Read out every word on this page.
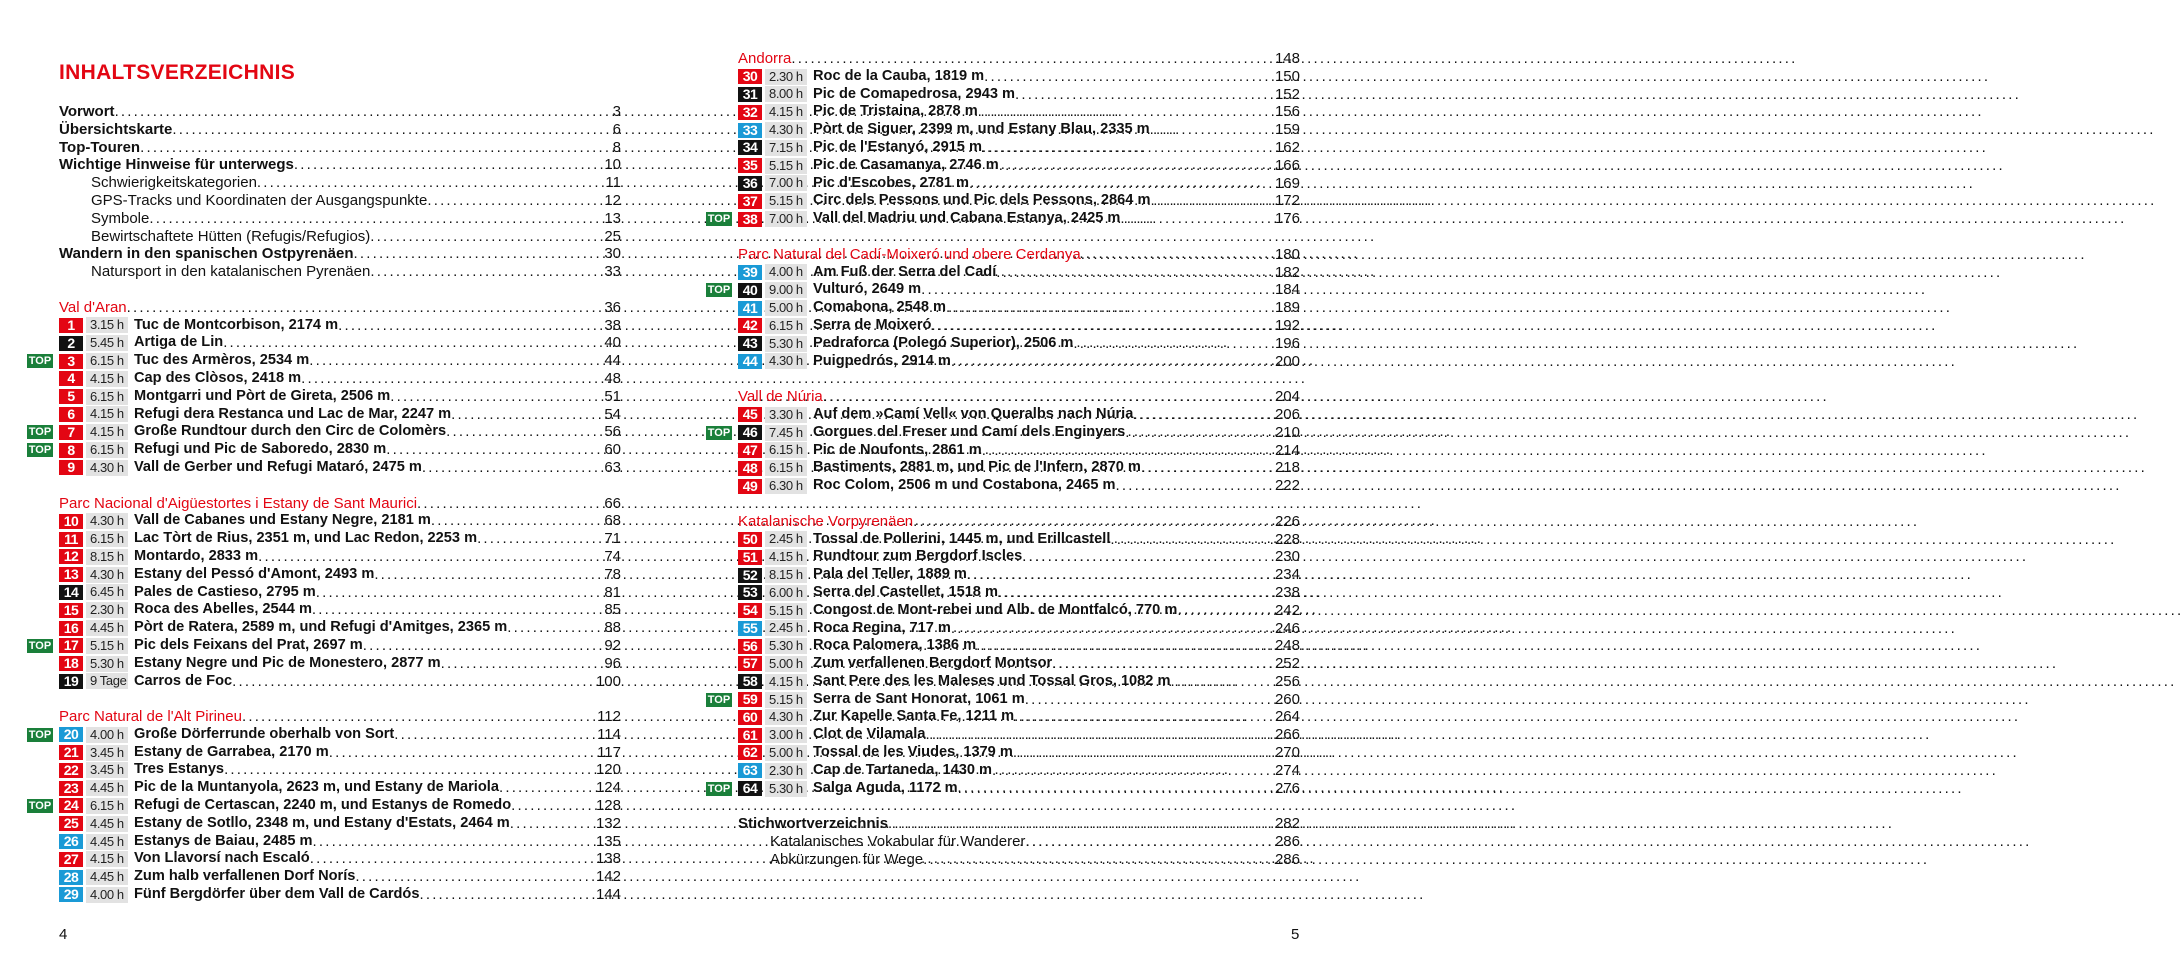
INHALTSVERZEICHNIS
Vorwort .....	3
Übersichtskarte .....	6
Top-Touren .....	8
Wichtige Hinweise für unterwegs .....	10
Schwierigkeitskategorien .....	11
GPS-Tracks und Koordinaten der Ausgangspunkte .....	12
Symbole .....	13
Bewirtschaftete Hütten (Refugis/Refugios) .....	25
Wandern in den spanischen Ostpyrenäen .....	30
Natursport in den katalanischen Pyrenäen .....	33
Val d'Aran .....	36
1	3.15 h Tuc de Montcorbison, 2174 m .....	38
2	5.45 h Artiga de Lin .....	40
TOP	3	6.15 h Tuc des Armèros, 2534 m .....	44
4	4.15 h Cap des Clòsos, 2418 m .....	48
5	6.15 h Montgarri und Pòrt de Gireta, 2506 m .....	51
6	4.15 h Refugi dera Restanca und Lac de Mar, 2247 m .....	54
TOP	7	4.15 h Große Rundtour durch den Circ de Colomèrs .....	56
TOP	8	6.15 h Refugi und Pic de Saboredo, 2830 m .....	60
9	4.30 h Vall de Gerber und Refugi Mataró, 2475 m .....	63
Parc Nacional d'Aigüestortes i Estany de Sant Maurici .....	66
10 4.30 h Vall de Cabanes und Estany Negre, 2181 m .....	68
11 6.15 h Lac Tòrt de Rius, 2351 m, und Lac Redon, 2253 m .....	71
12 8.15 h Montardo, 2833 m .....	74
13 4.30 h Estany del Pessó d'Amont, 2493 m .....	78
14 6.45 h Pales de Castieso, 2795 m .....	81
15 2.30 h Roca des Abelles, 2544 m .....	85
16 4.45 h Pòrt de Ratera, 2589 m, und Refugi d'Amitges, 2365 m .....	88
TOP 17 5.15 h Pic dels Feixans del Prat, 2697 m .....	92
18 5.30 h Estany Negre und Pic de Monestero, 2877 m .....	96
19 9 Tage Carros de Foc .....	100
Parc Natural de l'Alt Pirineu .....	112
TOP 20 4.00 h Große Dörferrunde oberhalb von Sort .....	114
21 3.45 h Estany de Garrabea, 2170 m .....	117
22 3.45 h Tres Estanys .....	120
23 4.45 h Pic de la Muntanyola, 2623 m, und Estany de Mariola .....	124
TOP 24 6.15 h Refugi de Certascan, 2240 m, und Estanys de Romedo .....	128
25 4.45 h Estany de Sotllo, 2348 m, und Estany d'Estats, 2464 m .....	132
26 4.45 h Estanys de Baiau, 2485 m .....	135
27 4.15 h Von Llavorsí nach Escaló .....	138
28 4.45 h Zum halb verfallenen Dorf Norís .....	142
29 4.00 h Fünf Bergdörfer über dem Vall de Cardós .....	144
Andorra .....	148
30 2.30 h Roc de la Cauba, 1819 m .....	150
31 8.00 h Pic de Comapedrosa, 2943 m .....	152
32 4.15 h Pic de Tristaina, 2878 m .....	156
33 4.30 h Pòrt de Siguer, 2399 m, und Estany Blau, 2335 m .....	159
34 7.15 h Pic de l'Estanyó, 2915 m .....	162
35 5.15 h Pic de Casamanya, 2746 m .....	166
36 7.00 h Pic d'Escobes, 2781 m .....	169
37 5.15 h Circ dels Pessons und Pic dels Pessons, 2864 m .....	172
TOP 38 7.00 h Vall del Madriu und Cabana Estanya, 2425 m .....	176
Parc Natural del Cadí-Moixeró und obere Cerdanya .....	180
39 4.00 h Am Fuß der Serra del Cadí .....	182
TOP 40 9.00 h Vulturó, 2649 m .....	184
41 5.00 h Comabona, 2548 m .....	189
42 6.15 h Serra de Moixeró .....	192
43 5.30 h Pedraforca (Polegó Superior), 2506 m .....	196
44 4.30 h Puigpedrós, 2914 m .....	200
Vall de Núria .....	204
45 3.30 h Auf dem »Camí Vell« von Queralbs nach Núria .....	206
TOP 46 7.45 h Gorgues del Freser und Camí dels Enginyers .....	210
47 6.15 h Pic de Noufonts, 2861 m .....	214
48 6.15 h Bastiments, 2881 m, und Pic de l'Infern, 2870 m .....	218
49 6.30 h Roc Colom, 2506 m und Costabona, 2465 m .....	222
Katalanische Vorpyrenäen .....	226
50 2.45 h Tossal de Pollerini, 1445 m, und Erillcastell .....	228
51 4.15 h Rundtour zum Bergdorf Iscles .....	230
52 8.15 h Pala del Teller, 1889 m .....	234
53 6.00 h Serra del Castellet, 1518 m .....	238
54 5.15 h Congost de Mont-rebei und Alb. de Montfalcó, 770 m .....	242
55 2.45 h Roca Regina, 717 m .....	246
56 5.30 h Roca Palomera, 1386 m .....	248
57 5.00 h Zum verfallenen Bergdorf Montsor .....	252
58 4.15 h Sant Pere des les Maleses und Tossal Gros, 1082 m .....	256
TOP 59 5.15 h Serra de Sant Honorat, 1061 m .....	260
60 4.30 h Zur Kapelle Santa Fe, 1211 m .....	264
61 3.00 h Clot de Vilamala .....	266
62 5.00 h Tossal de les Viudes, 1379 m .....	270
63 2.30 h Cap de Tartaneda, 1430 m .....	274
TOP 64 5.30 h Salga Aguda, 1172 m .....	276
Stichwortverzeichnis .....	282
Katalanisches Vokabular für Wanderer .....	286
Abkürzungen für Wege .....	286
4	5
